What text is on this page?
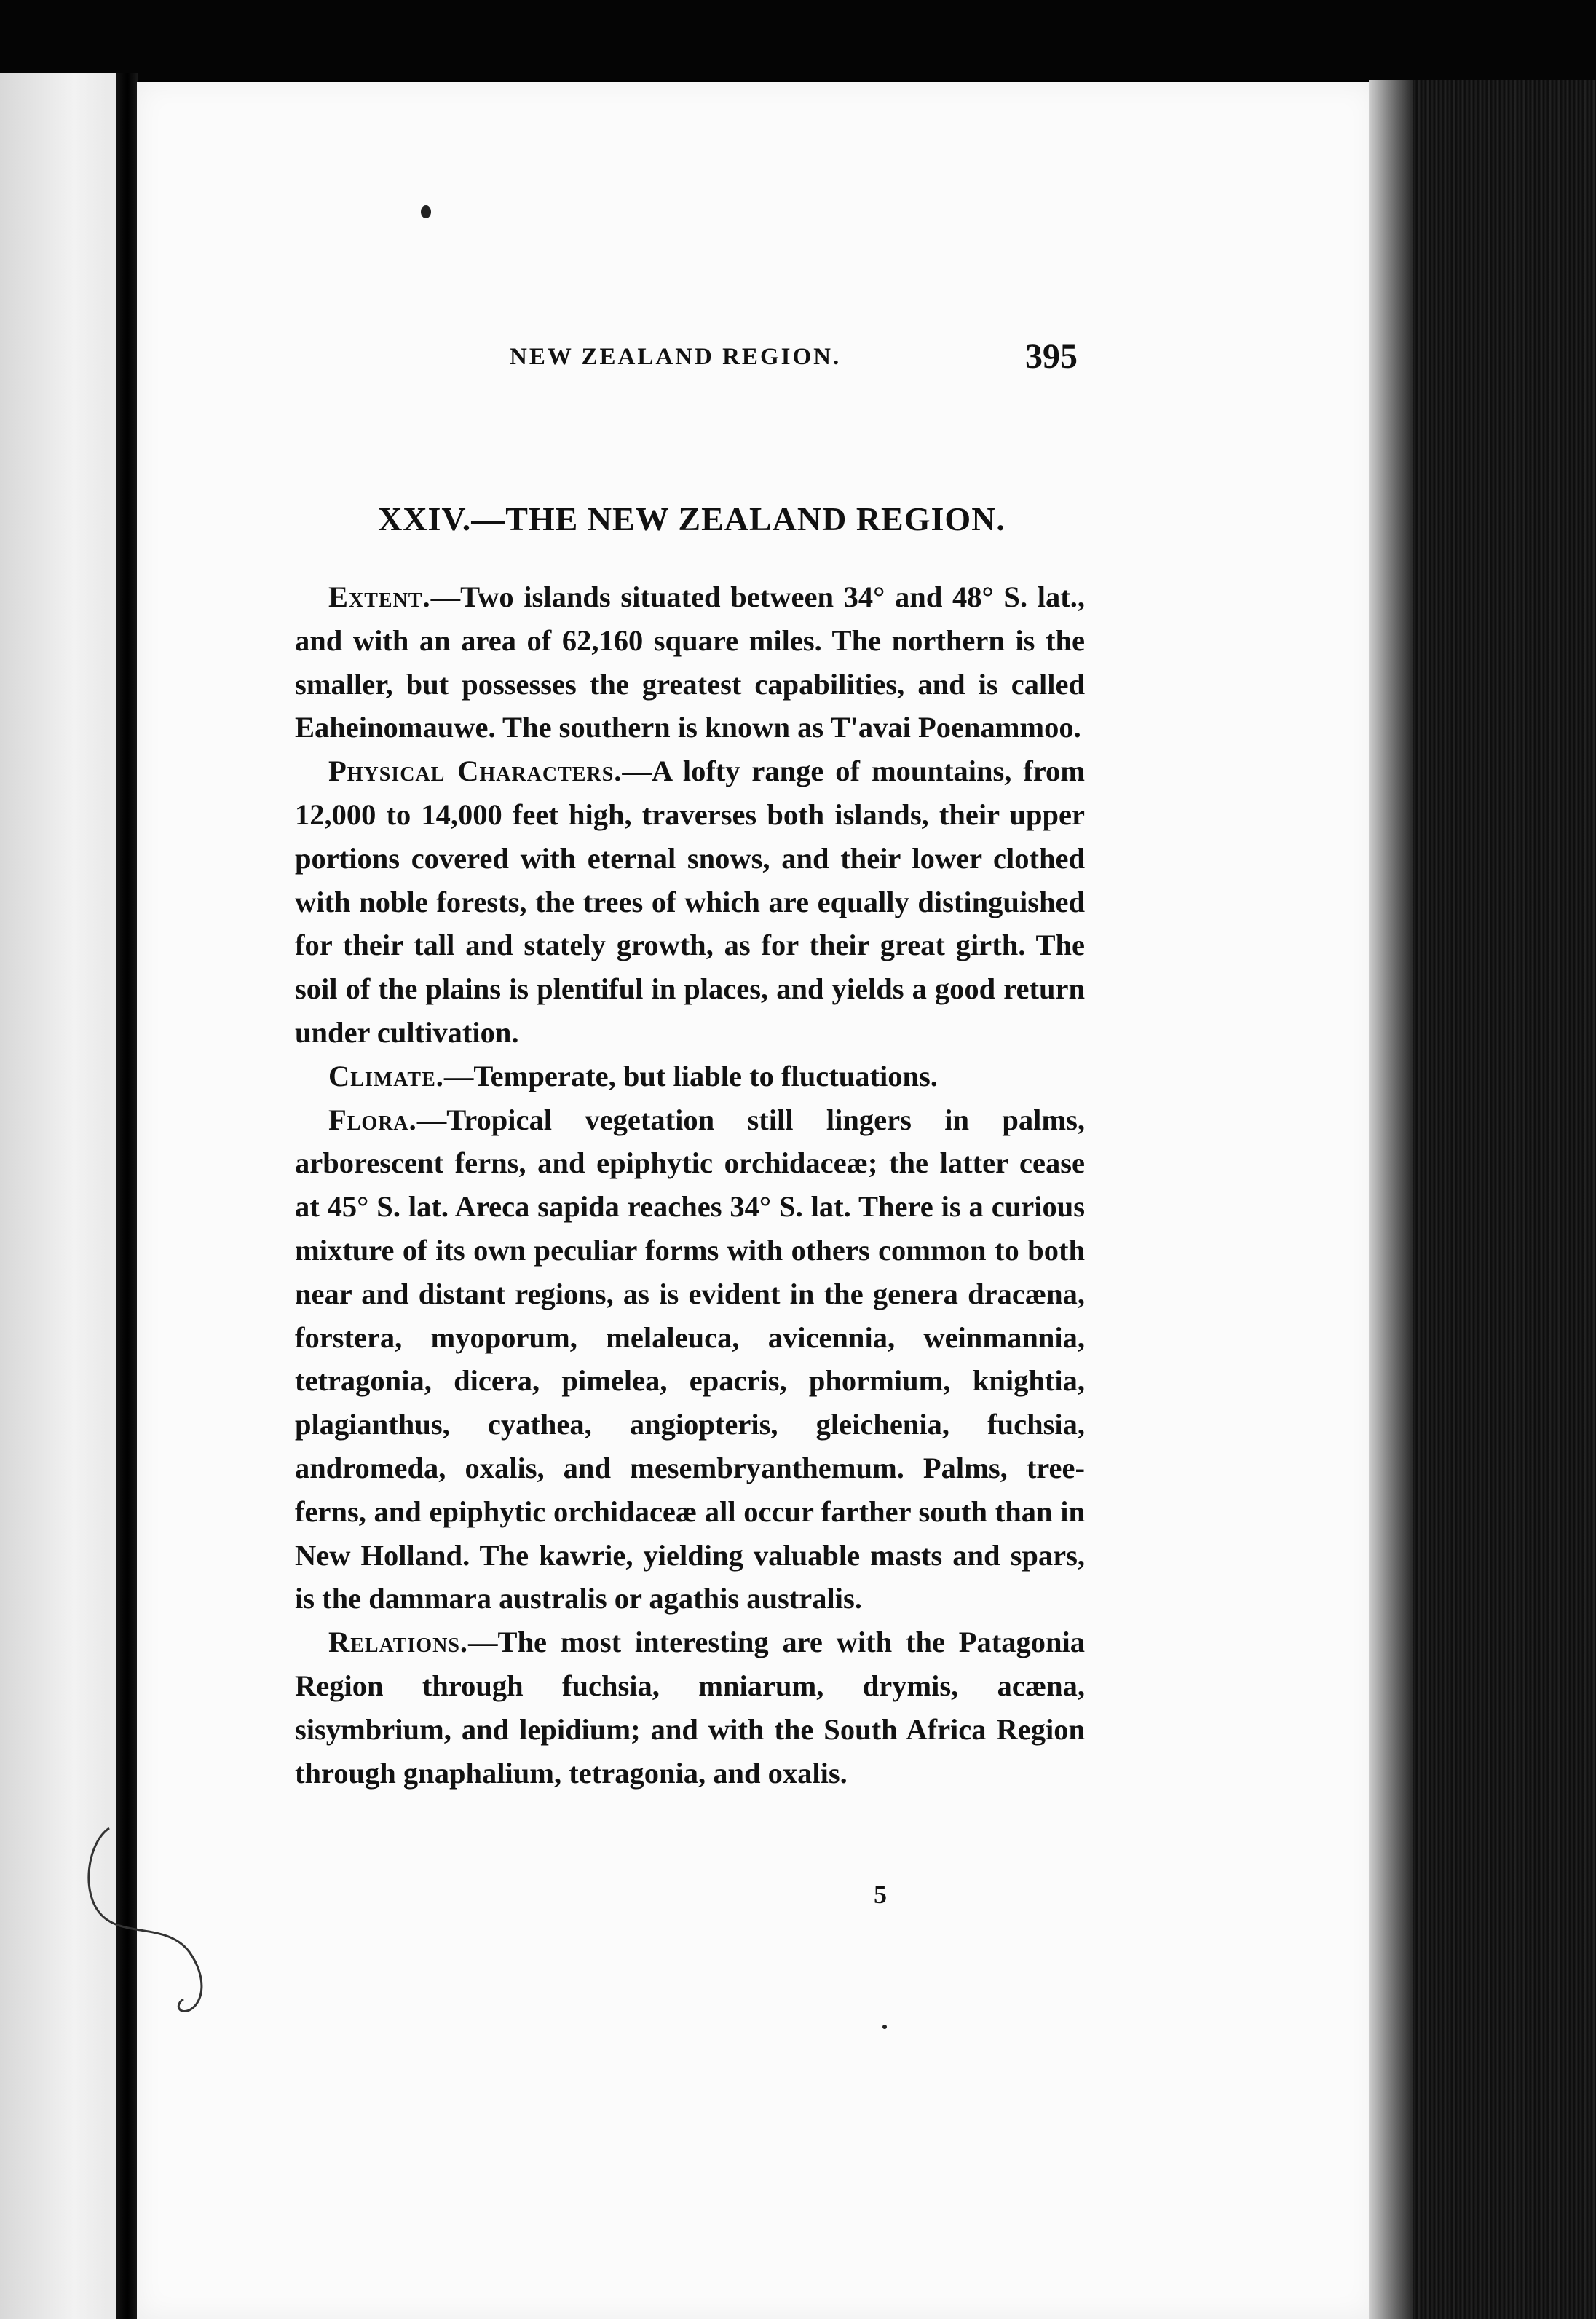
NEW ZEALAND REGION.	395
XXIV.—THE NEW ZEALAND REGION.

Extent.—Two islands situated between 34° and 48° S. lat., and with an area of 62,160 square miles. The northern is the smaller, but possesses the greatest capabilities, and is called Eaheinomauwe. The southern is known as T'avai Poenammoo.

Physical Characters.—A lofty range of mountains, from 12,000 to 14,000 feet high, traverses both islands, their upper portions covered with eternal snows, and their lower clothed with noble forests, the trees of which are equally distinguished for their tall and stately growth, as for their great girth. The soil of the plains is plentiful in places, and yields a good return under cultivation.

Climate.—Temperate, but liable to fluctuations.

Flora.—Tropical vegetation still lingers in palms, arborescent ferns, and epiphytic orchidaceæ; the latter cease at 45° S. lat. Areca sapida reaches 34° S. lat. There is a curious mixture of its own peculiar forms with others common to both near and distant regions, as is evident in the genera dracæna, forstera, myoporum, melaleuca, avicennia, weinmannia, tetragonia, dicera, pimelea, epacris, phormium, knightia, plagianthus, cyathea, angiopteris, gleichenia, fuchsia, andromeda, oxalis, and mesembryanthemum. Palms, tree-ferns, and epiphytic orchidaceæ all occur farther south than in New Holland. The kawrie, yielding valuable masts and spars, is the dammara australis or agathis australis.

Relations.—The most interesting are with the Patagonia Region through fuchsia, mniarum, drymis, acæna, sisymbrium, and lepidium; and with the South Africa Region through gnaphalium, tetragonia, and oxalis.

5
